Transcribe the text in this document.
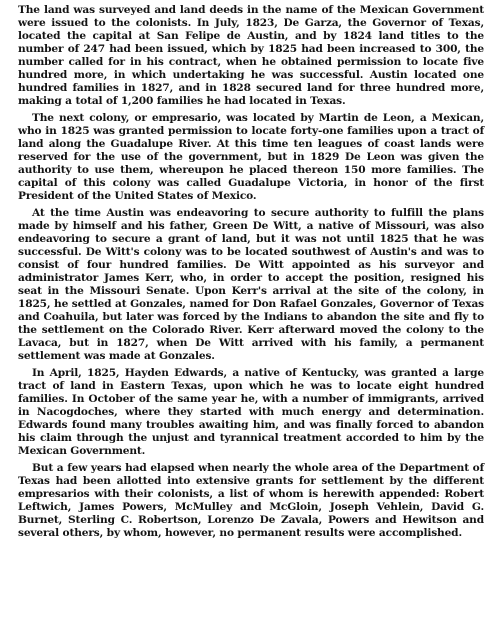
The land was surveyed and land deeds in the name of the Mexican Government were issued to the colonists. In July, 1823, De Garza, the Governor of Texas, located the capital at San Felipe de Austin, and by 1824 land titles to the number of 247 had been issued, which by 1825 had been increased to 300, the number called for in his contract, when he obtained permission to locate five hundred more, in which undertaking he was successful. Austin located one hundred families in 1827, and in 1828 secured land for three hundred more, making a total of 1,200 families he had located in Texas.

The next colony, or empresario, was located by Martin de Leon, a Mexican, who in 1825 was granted permission to locate forty-one families upon a tract of land along the Guadalupe River. At this time ten leagues of coast lands were reserved for the use of the government, but in 1829 De Leon was given the authority to use them, whereupon he placed thereon 150 more families. The capital of this colony was called Guadalupe Victoria, in honor of the first President of the United States of Mexico.

At the time Austin was endeavoring to secure authority to fulfill the plans made by himself and his father, Green De Witt, a native of Missouri, was also endeavoring to secure a grant of land, but it was not until 1825 that he was successful. De Witt's colony was to be located southwest of Austin's and was to consist of four hundred families. De Witt appointed as his surveyor and administrator James Kerr, who, in order to accept the position, resigned his seat in the Missouri Senate. Upon Kerr's arrival at the site of the colony, in 1825, he settled at Gonzales, named for Don Rafael Gonzales, Governor of Texas and Coahuila, but later was forced by the Indians to abandon the site and fly to the settlement on the Colorado River. Kerr afterward moved the colony to the Lavaca, but in 1827, when De Witt arrived with his family, a permanent settlement was made at Gonzales.

In April, 1825, Hayden Edwards, a native of Kentucky, was granted a large tract of land in Eastern Texas, upon which he was to locate eight hundred families. In October of the same year he, with a number of immigrants, arrived in Nacogdoches, where they started with much energy and determination. Edwards found many troubles awaiting him, and was finally forced to abandon his claim through the unjust and tyrannical treatment accorded to him by the Mexican Government.

But a few years had elapsed when nearly the whole area of the Department of Texas had been allotted into extensive grants for settlement by the different empresarios with their colonists, a list of whom is herewith appended: Robert Leftwich, James Powers, McMulley and McGloin, Joseph Vehlein, David G. Burnet, Sterling C. Robertson, Lorenzo De Zavala, Powers and Hewitson and several others, by whom, however, no permanent results were accomplished.
